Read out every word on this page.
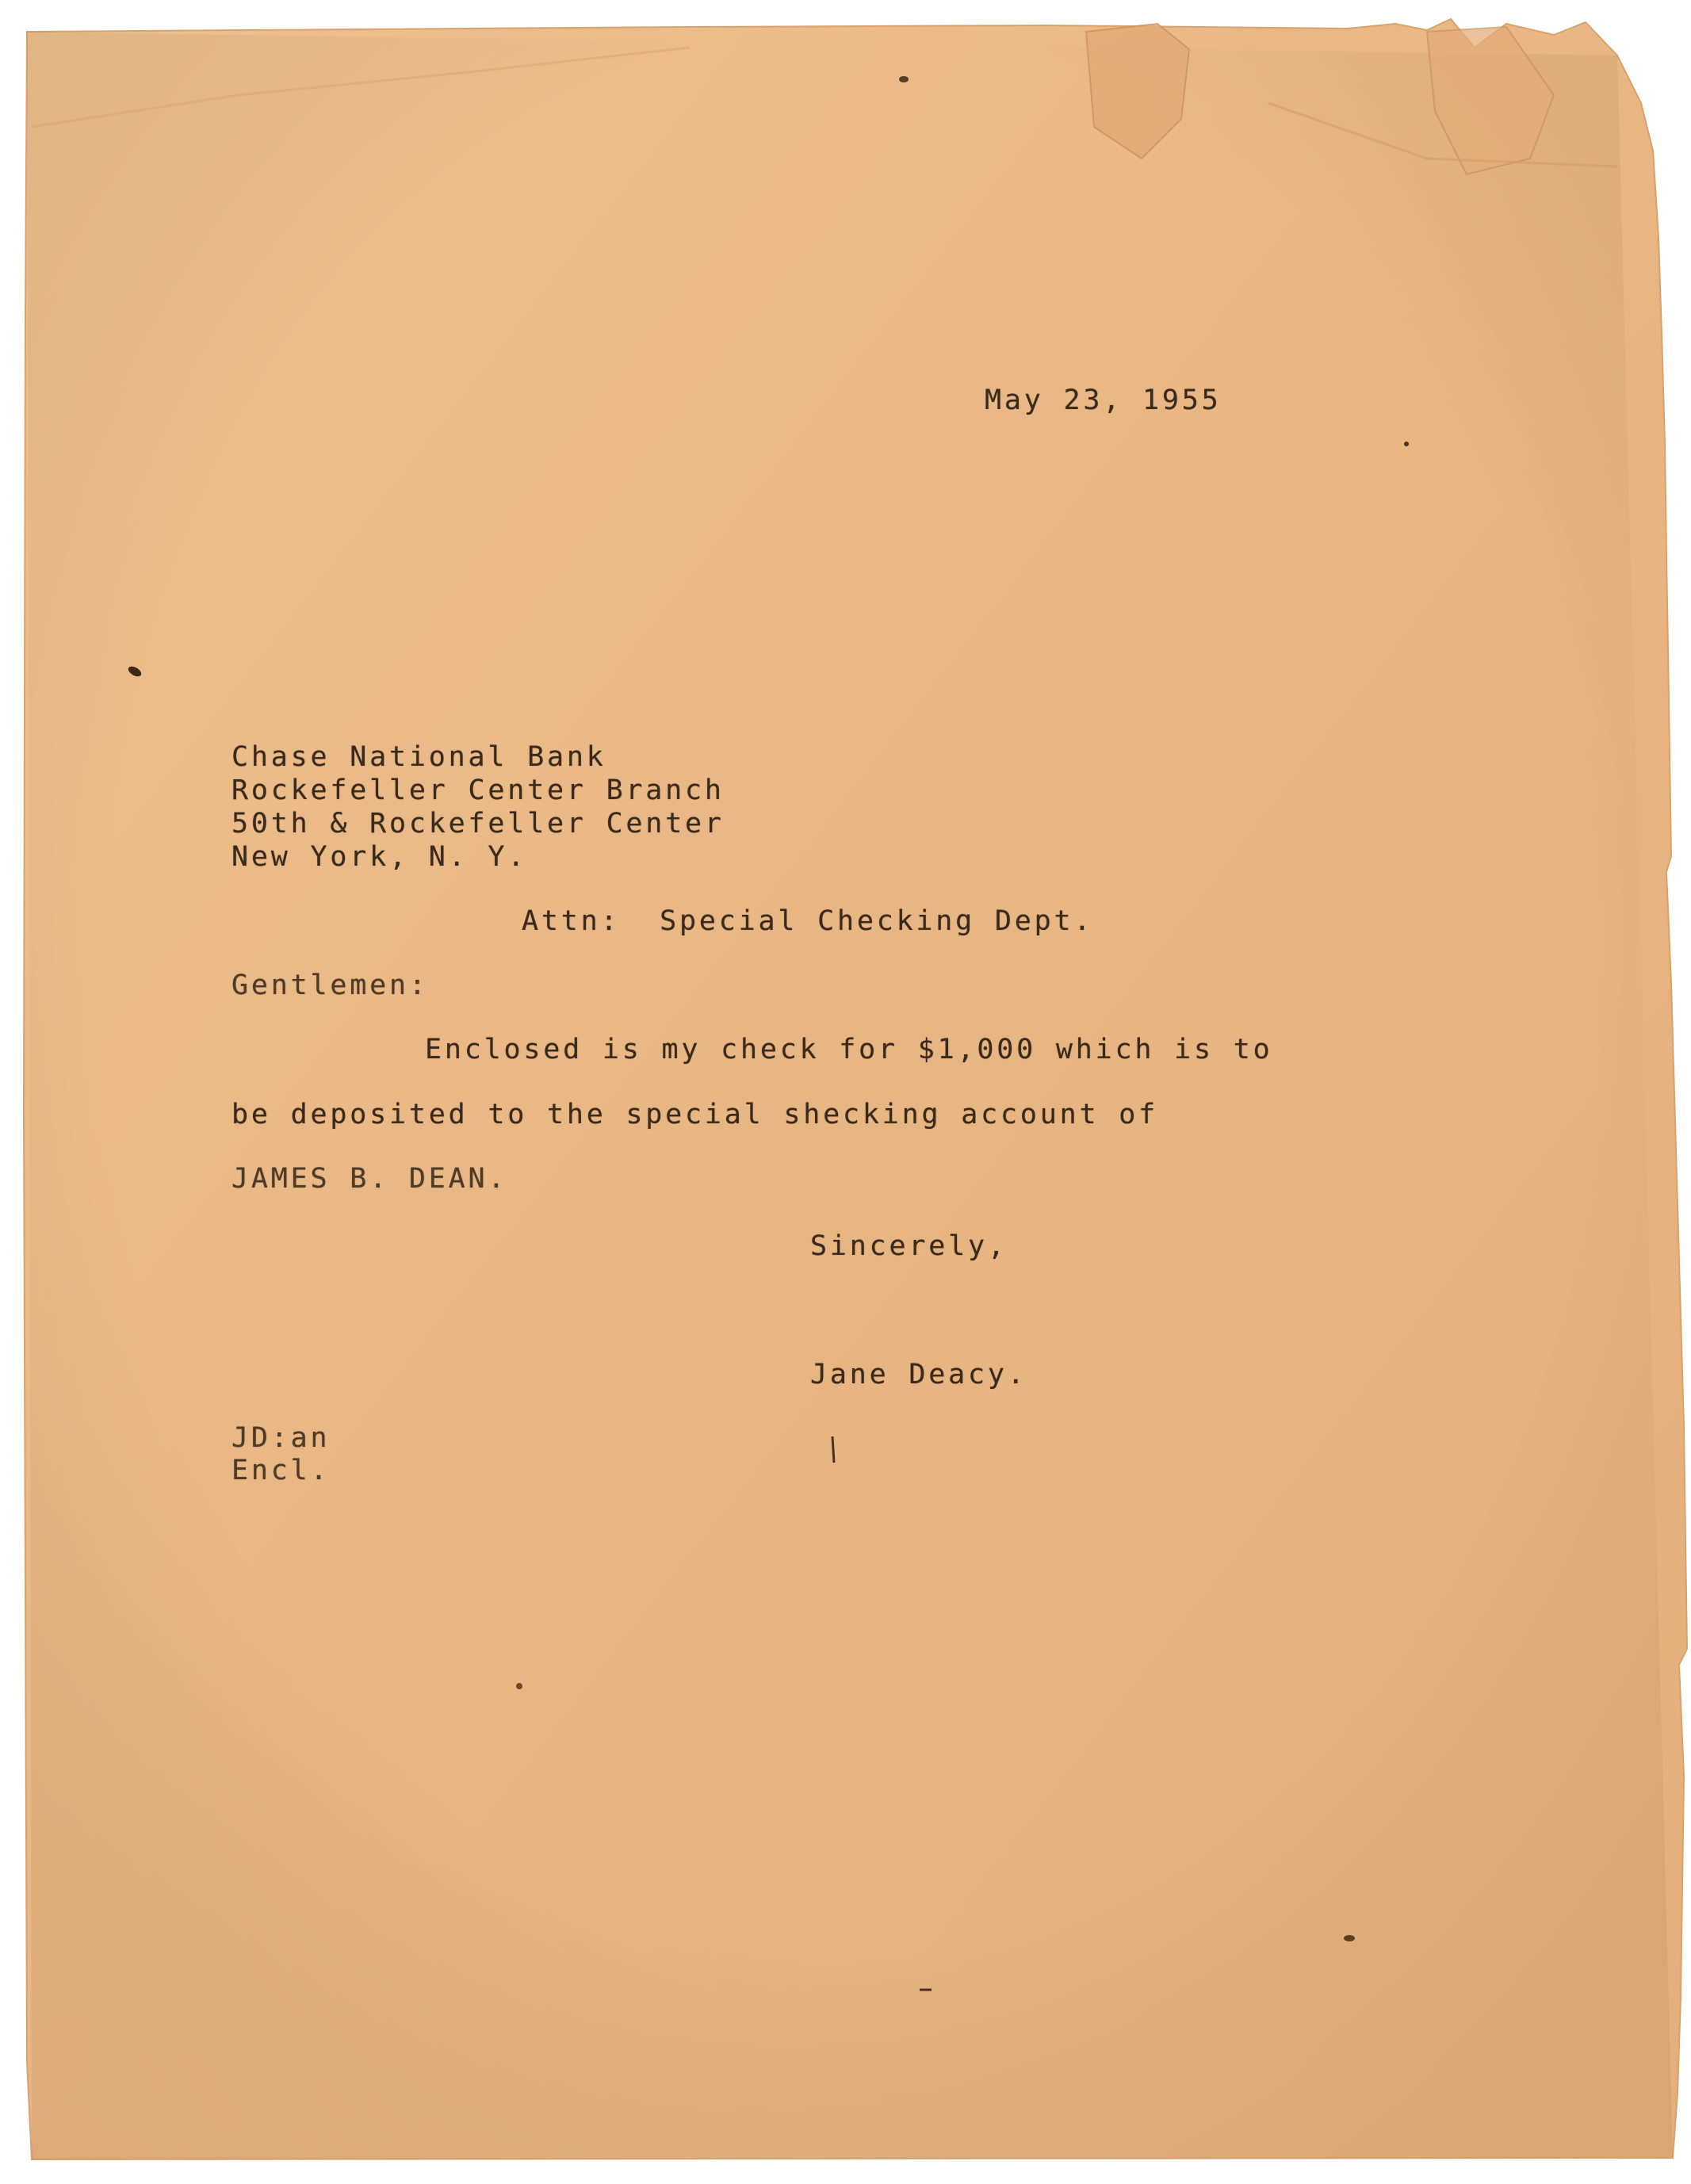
May 23, 1955
Chase National Bank
Rockefeller Center Branch
50th & Rockefeller Center
New York, N. Y.
Attn:  Special Checking Dept.
Gentlemen:
Enclosed is my check for $1,000 which is to
be deposited to the special shecking account of
JAMES B. DEAN.
Sincerely,
Jane Deacy.
JD:an
Encl.
